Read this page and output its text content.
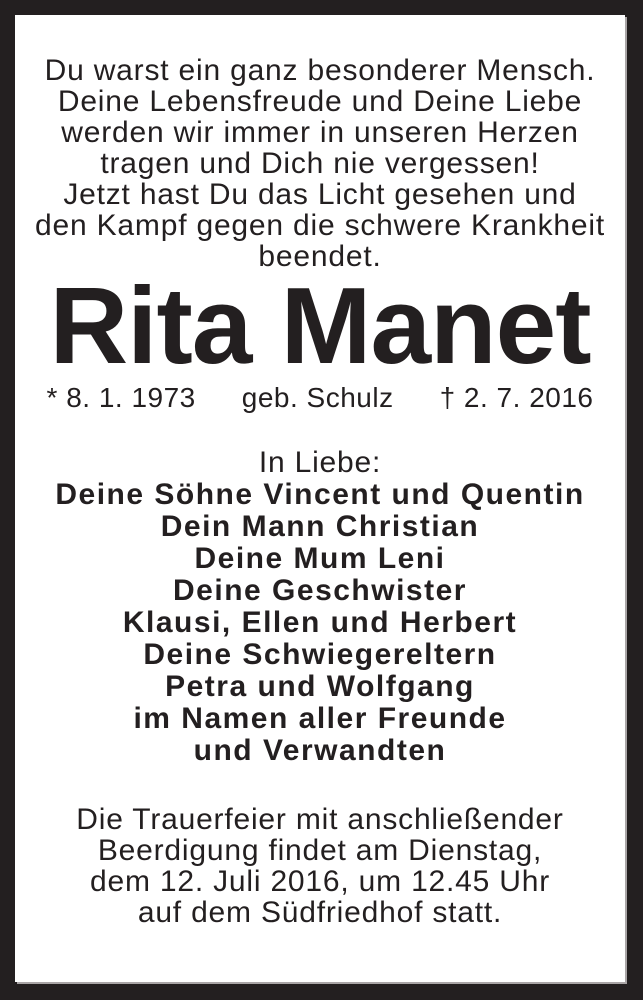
Du warst ein ganz besonderer Mensch.
Deine Lebensfreude und Deine Liebe
werden wir immer in unseren Herzen
tragen und Dich nie vergessen!
Jetzt hast Du das Licht gesehen und
den Kampf gegen die schwere Krankheit
beendet.

Rita Manet
* 8. 1. 1973 geb. Schulz † 2. 7. 2016
In Liebe:
Deine Söhne Vincent und Quentin
Dein Mann Christian
Deine Mum Leni
Deine Geschwister
Klausi, Ellen und Herbert
Deine Schwiegereltern
Petra und Wolfgang
im Namen aller Freunde
und Verwandten

Die Trauerfeier mit anschließender
Beerdigung findet am Dienstag,
dem 12. Juli 2016, um 12.45 Uhr
auf dem Südfriedhof statt.
